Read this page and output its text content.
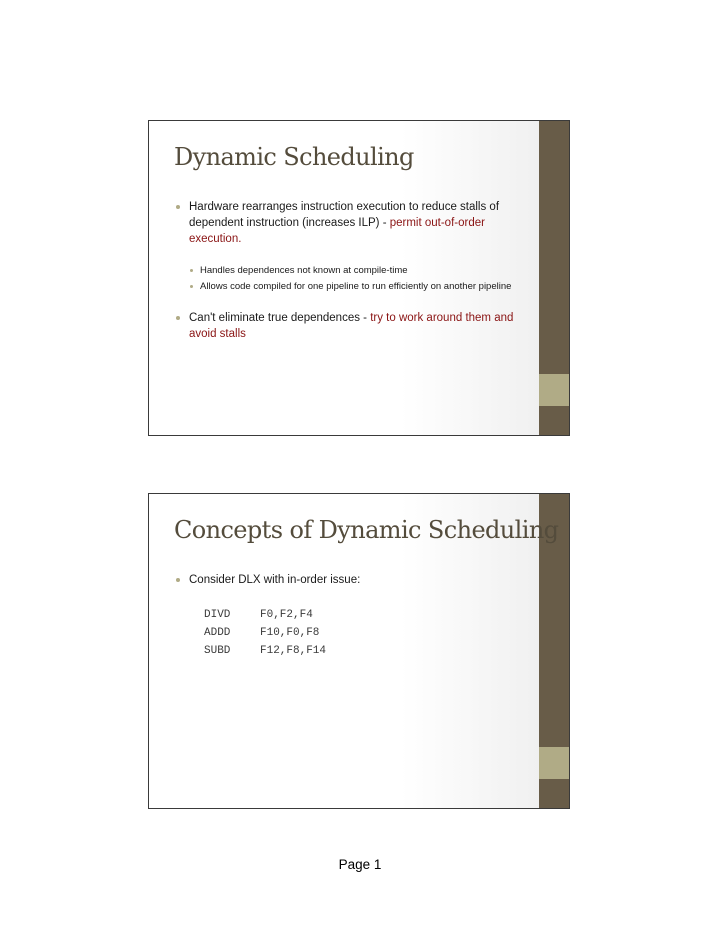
Dynamic Scheduling
Hardware rearranges instruction execution to reduce stalls of dependent instruction (increases ILP) - permit out-of-order execution.
Handles dependences not known at compile-time
Allows code compiled for one pipeline to run efficiently on another pipeline
Can't eliminate true dependences - try to work around them and avoid stalls
Concepts of Dynamic Scheduling
Consider DLX with in-order issue:
DIVD	F0,F2,F4
ADDD	F10,F0,F8
SUBD	F12,F8,F14
Page 1
